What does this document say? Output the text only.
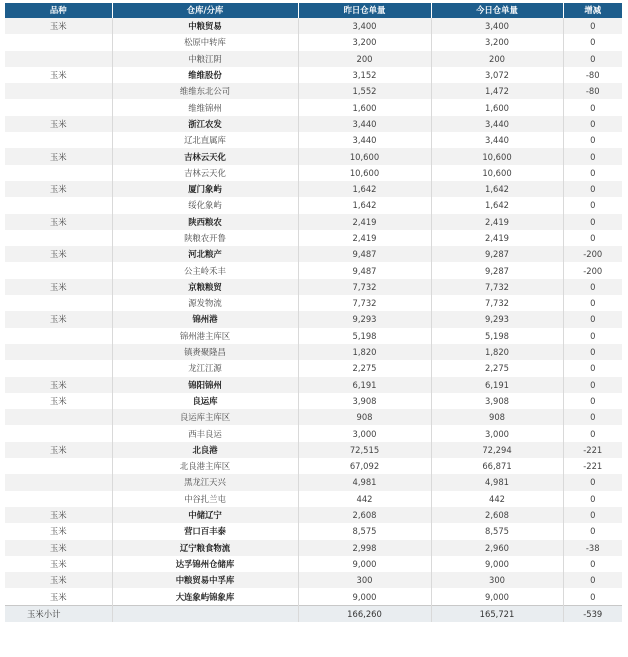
品种	仓库/分库	昨日仓单量	今日仓单量	增减
玉米	中粮贸易	3,400	3,400	0
	松原中转库	3,200	3,200	0
	中粮江阴	200	200	0
玉米	维维股份	3,152	3,072	-80
	维维东北公司	1,552	1,472	-80
	维维锦州	1,600	1,600	0
玉米	浙江农发	3,440	3,440	0
	辽北直属库	3,440	3,440	0
玉米	吉林云天化	10,600	10,600	0
	吉林云天化	10,600	10,600	0
玉米	厦门象屿	1,642	1,642	0
	绥化象屿	1,642	1,642	0
玉米	陕西粮农	2,419	2,419	0
	陕粮农开鲁	2,419	2,419	0
玉米	河北粮产	9,487	9,287	-200
	公主岭禾丰	9,487	9,287	-200
玉米	京粮粮贸	7,732	7,732	0
	源发物流	7,732	7,732	0
玉米	锦州港	9,293	9,293	0
	锦州港主库区	5,198	5,198	0
	镇赉聚隆昌	1,820	1,820	0
	龙江江源	2,275	2,275	0
玉米	锦阳锦州	6,191	6,191	0
玉米	良运库	3,908	3,908	0
	良运库主库区	908	908	0
	西丰良运	3,000	3,000	0
玉米	北良港	72,515	72,294	-221
	北良港主库区	67,092	66,871	-221
	黑龙江天兴	4,981	4,981	0
	中谷扎兰屯	442	442	0
玉米	中储辽宁	2,608	2,608	0
玉米	营口百丰泰	8,575	8,575	0
玉米	辽宁粮食物流	2,998	2,960	-38
玉米	达孚锦州仓储库	9,000	9,000	0
玉米	中粮贸易中孚库	300	300	0
玉米	大连象屿锦象库	9,000	9,000	0
玉米小计		166,260	165,721	-539
